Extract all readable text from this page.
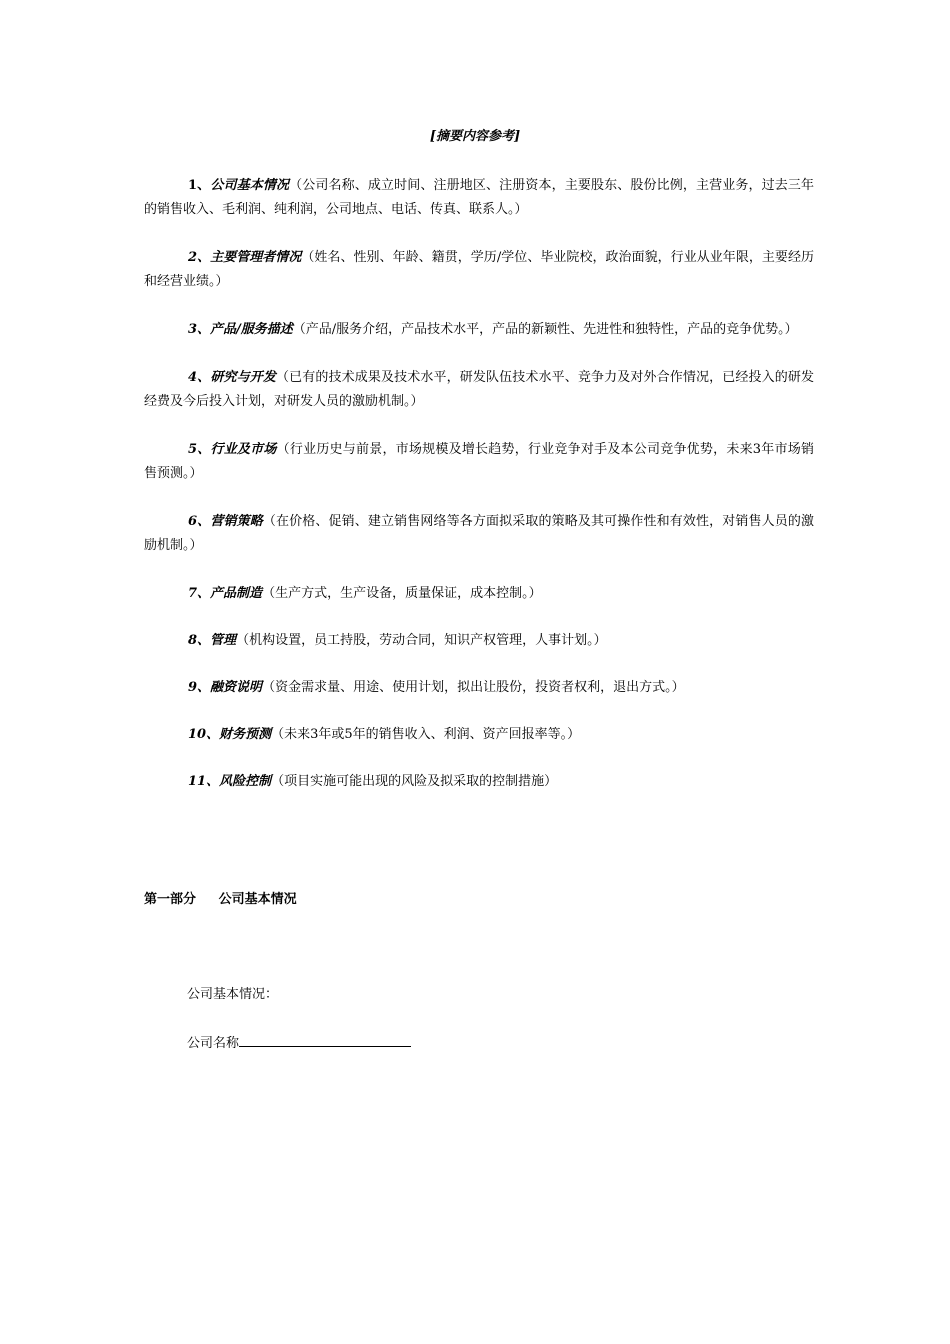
[摘要内容参考]

1、公司基本情况（公司名称、成立时间、注册地区、注册资本，主要股东、股份比例，主营业务，过去三年的销售收入、毛利润、纯利润，公司地点、电话、传真、联系人。）

2、主要管理者情况（姓名、性别、年龄、籍贯，学历/学位、毕业院校，政治面貌，行业从业年限，主要经历和经营业绩。）

3、产品/服务描述（产品/服务介绍，产品技术水平，产品的新颖性、先进性和独特性，产品的竞争优势。）

4、研究与开发（已有的技术成果及技术水平，研发队伍技术水平、竞争力及对外合作情况，已经投入的研发经费及今后投入计划，对研发人员的激励机制。）

5、行业及市场（行业历史与前景，市场规模及增长趋势，行业竞争对手及本公司竞争优势，未来3年市场销售预测。）

6、营销策略（在价格、促销、建立销售网络等各方面拟采取的策略及其可操作性和有效性，对销售人员的激励机制。）

7、产品制造（生产方式，生产设备，质量保证，成本控制。）

8、管理（机构设置，员工持股，劳动合同，知识产权管理，人事计划。）

9、融资说明（资金需求量、用途、使用计划，拟出让股份，投资者权利，退出方式。）

10、财务预测（未来3年或5年的销售收入、利润、资产回报率等。）

11、风险控制（项目实施可能出现的风险及拟采取的控制措施）

第一部分     公司基本情况
公司基本情况：
公司名称
